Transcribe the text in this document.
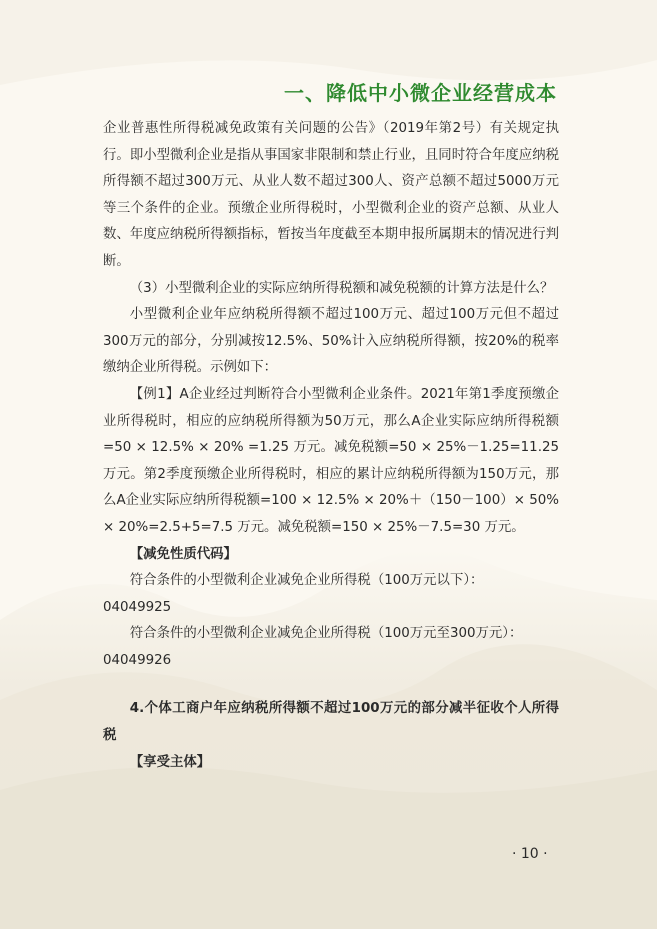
一、降低中小微企业经营成本

企业普惠性所得税减免政策有关问题的公告》（2019年第2号）有关规定执行。即小型微利企业是指从事国家非限制和禁止行业，且同时符合年度应纳税所得额不超过300万元、从业人数不超过300人、资产总额不超过5000万元等三个条件的企业。预缴企业所得税时，小型微利企业的资产总额、从业人数、年度应纳税所得额指标，暂按当年度截至本期申报所属期末的情况进行判断。

（3）小型微利企业的实际应纳所得税额和减免税额的计算方法是什么？

小型微利企业年应纳税所得额不超过100万元、超过100万元但不超过300万元的部分，分别减按12.5%、50%计入应纳税所得额，按20%的税率缴纳企业所得税。示例如下：

【例1】A企业经过判断符合小型微利企业条件。2021年第1季度预缴企业所得税时，相应的应纳税所得额为50万元，那么A企业实际应纳所得税额=50 × 12.5% × 20% =1.25 万元。减免税额=50 × 25%－1.25=11.25万元。第2季度预缴企业所得税时，相应的累计应纳税所得额为150万元，那么A企业实际应纳所得税额=100 × 12.5% × 20%＋（150－100）× 50% × 20%=2.5+5=7.5 万元。减免税额=150 × 25%－7.5=30 万元。

【减免性质代码】

符合条件的小型微利企业减免企业所得税（100万元以下）：

04049925

符合条件的小型微利企业减免企业所得税（100万元至300万元）：

04049926

4.个体工商户年应纳税所得额不超过100万元的部分减半征收个人所得税

【享受主体】

· 10 ·
